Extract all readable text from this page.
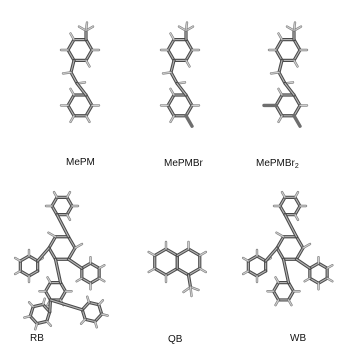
MePM	MePMBr	MePMBr$_2$
RB	QB	WB
